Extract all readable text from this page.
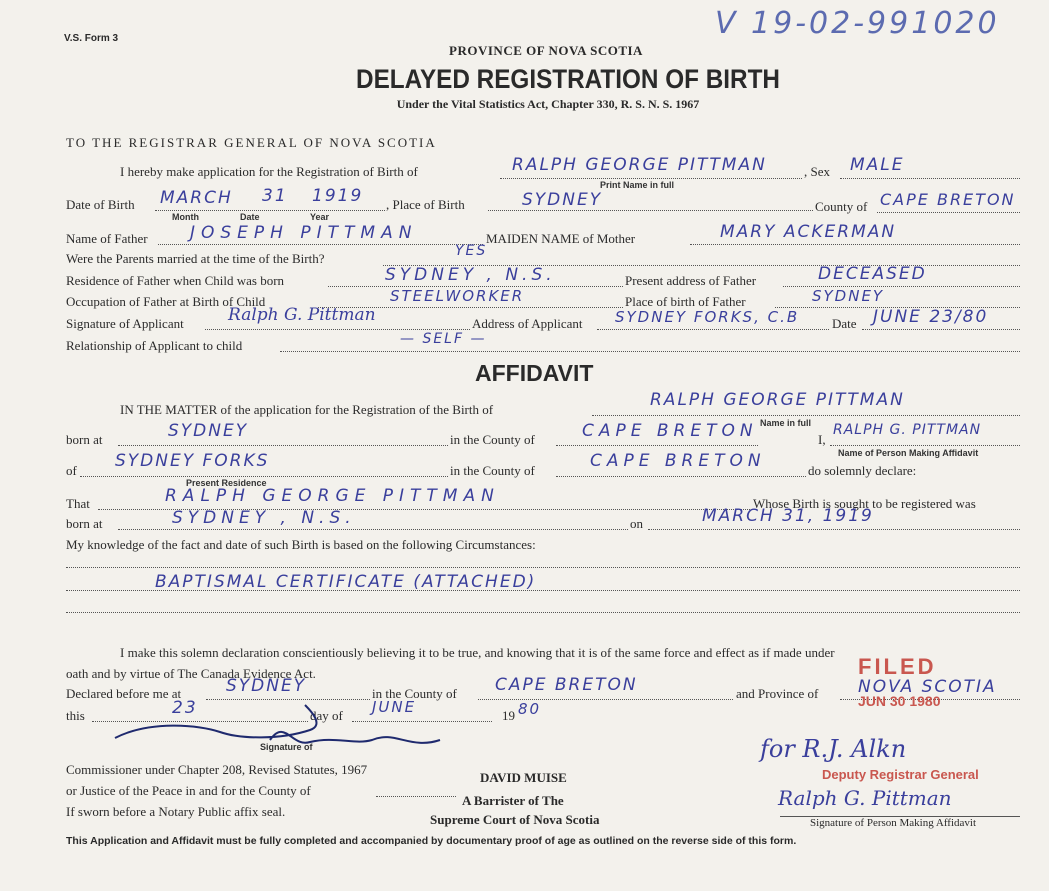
V.S. Form 3	V 19-02-991020
PROVINCE OF NOVA SCOTIA
DELAYED REGISTRATION OF BIRTH
Under the Vital Statistics Act, Chapter 330, R. S. N. S. 1967
TO THE REGISTRAR GENERAL OF NOVA SCOTIA
I hereby make application for the Registration of Birth of	RALPH GEORGE PITTMAN	, Sex MALE
Print Name in full
Date of Birth MARCH 31 1919 , Place of Birth	SYDNEY	County of CAPE BRETON
Month	Date	Year
Name of Father JOSEPH PITTMAN	MAIDEN NAME of Mother	MARY ACKERMAN
Were the Parents married at the time of the Birth?	YES
Residence of Father when Child was born	SYDNEY , N.S.	Present address of Father	DECEASED
Occupation of Father at Birth of Child	STEELWORKER	Place of birth of Father	SYDNEY
Signature of Applicant	Ralph G. Pittman	Address of Applicant SYDNEY FORKS, C.B	Date JUNE 23/80
Relationship of Applicant to child	— SELF —
AFFIDAVIT
IN THE MATTER of the application for the Registration of the Birth of	RALPH GEORGE PITTMAN
Name in full
born at	SYDNEY	in the County of	CAPE BRETON	I,
RALPH G. PITTMAN
Name of Person Making Affidavit
of SYDNEY FORKS	in the County of	CAPE BRETON	do solemnly declare:
Present Residence
That	RALPH GEORGE PITTMAN	Whose Birth is sought to be registered was
born at	SYDNEY , N.S.	on	MARCH 31, 1919
My knowledge of the fact and date of such Birth is based on the following Circumstances:
BAPTISMAL CERTIFICATE (ATTACHED)
I make this solemn declaration conscientiously believing it to be true, and knowing that it is of the same force and effect as if made under
oath and by virtue of The Canada Evidence Act.
Declared before me at	SYDNEY	in the County of CAPE BRETON	and Province of NOVA SCOTIA
this	23	day of JUNE	19 80
Signature of
Commissioner under Chapter 208, Revised Statutes, 1967
or Justice of the Peace in and for the County of
If sworn before a Notary Public affix seal.
DAVID MUISE
A Barrister of The
Supreme Court of Nova Scotia
FILED
JUN 30 1980
for R.J. Alkn
Deputy Registrar General
Ralph G. Pittman
Signature of Person Making Affidavit
This Application and Affidavit must be fully completed and accompanied by documentary proof of age as outlined on the reverse side of this form.
